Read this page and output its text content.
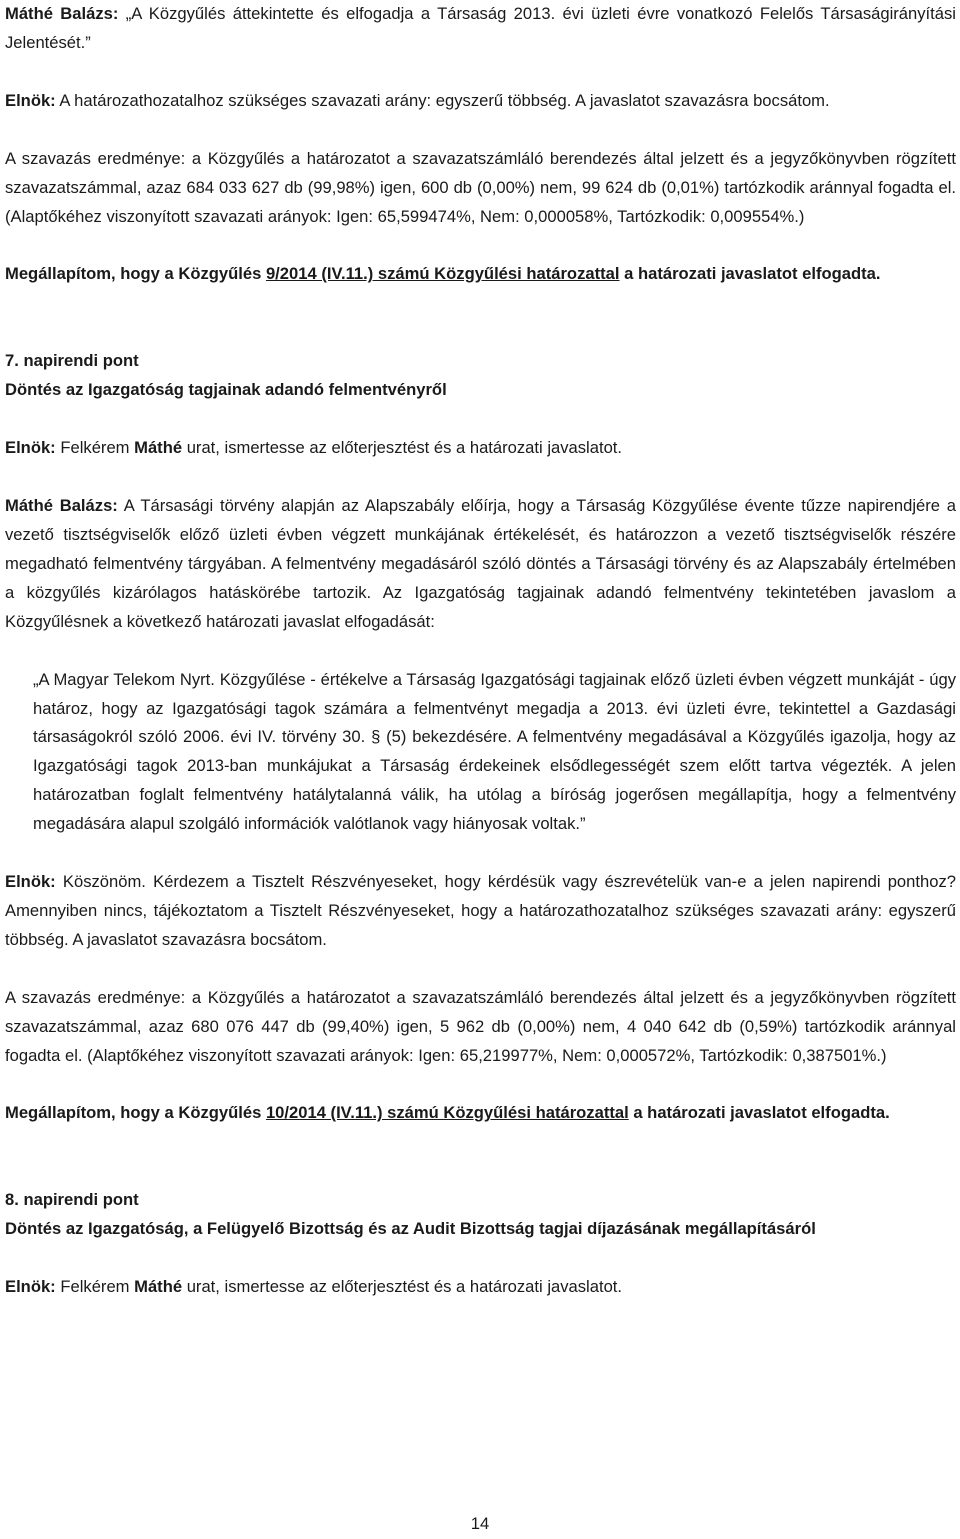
Máthé Balázs: „A Közgyűlés áttekintette és elfogadja a Társaság 2013. évi üzleti évre vonatkozó Felelős Társaságirányítási Jelentését.”

Elnök: A határozathozatalhoz szükséges szavazati arány: egyszerű többség. A javaslatot szavazásra bocsátom.

A szavazás eredménye: a Közgyűlés a határozatot a szavazatszámláló berendezés által jelzett és a jegyzőkönyvben rögzített szavazatszámmal, azaz 684 033 627 db (99,98%) igen, 600 db (0,00%) nem, 99 624 db (0,01%) tartózkodik aránnyal fogadta el. (Alaptőkéhez viszonyított szavazati arányok: Igen: 65,599474%, Nem: 0,000058%, Tartózkodik: 0,009554%.)

Megállapítom, hogy a Közgyűlés 9/2014 (IV.11.) számú Közgyűlési határozattal a határozati javaslatot elfogadta.

7. napirendi pont

Döntés az Igazgatóság tagjainak adandó felmentvényről

Elnök: Felkérem Máthé urat, ismertesse az előterjesztést és a határozati javaslatot.

Máthé Balázs: A Társasági törvény alapján az Alapszabály előírja, hogy a Társaság Közgyűlése évente tűzze napirendjére a vezető tisztségviselők előző üzleti évben végzett munkájának értékelését, és határozzon a vezető tisztségviselők részére megadható felmentvény tárgyában. A felmentvény megadásáról szóló döntés a Társasági törvény és az Alapszabály értelmében a közgyűlés kizárólagos hatáskörébe tartozik. Az Igazgatóság tagjainak adandó felmentvény tekintetében javaslom a Közgyűlésnek a következő határozati javaslat elfogadását:

„A Magyar Telekom Nyrt. Közgyűlése - értékelve a Társaság Igazgatósági tagjainak előző üzleti évben végzett munkáját - úgy határoz, hogy az Igazgatósági tagok számára a felmentvényt megadja a 2013. évi üzleti évre, tekintettel a Gazdasági társaságokról szóló 2006. évi IV. törvény 30. § (5) bekezdésére. A felmentvény megadásával a Közgyűlés igazolja, hogy az Igazgatósági tagok 2013-ban munkájukat a Társaság érdekeinek elsődlegességét szem előtt tartva végezték. A jelen határozatban foglalt felmentvény hatálytalanná válik, ha utólag a bíróság jogerősen megállapítja, hogy a felmentvény megadására alapul szolgáló információk valótlanok vagy hiányosak voltak.”

Elnök: Köszönöm. Kérdezem a Tisztelt Részvényeseket, hogy kérdésük vagy észrevételük van-e a jelen napirendi ponthoz? Amennyiben nincs, tájékoztatom a Tisztelt Részvényeseket, hogy a határozathozatalhoz szükséges szavazati arány: egyszerű többség. A javaslatot szavazásra bocsátom.

A szavazás eredménye: a Közgyűlés a határozatot a szavazatszámláló berendezés által jelzett és a jegyzőkönyvben rögzített szavazatszámmal, azaz 680 076 447 db (99,40%) igen, 5 962 db (0,00%) nem, 4 040 642 db (0,59%) tartózkodik aránnyal fogadta el. (Alaptőkéhez viszonyított szavazati arányok: Igen: 65,219977%, Nem: 0,000572%, Tartózkodik: 0,387501%.)

Megállapítom, hogy a Közgyűlés 10/2014 (IV.11.) számú Közgyűlési határozattal a határozati javaslatot elfogadta.

8. napirendi pont

Döntés az Igazgatóság, a Felügyelő Bizottság és az Audit Bizottság tagjai díjazásának megállapításáról

Elnök: Felkérem Máthé urat, ismertesse az előterjesztést és a határozati javaslatot.

14
